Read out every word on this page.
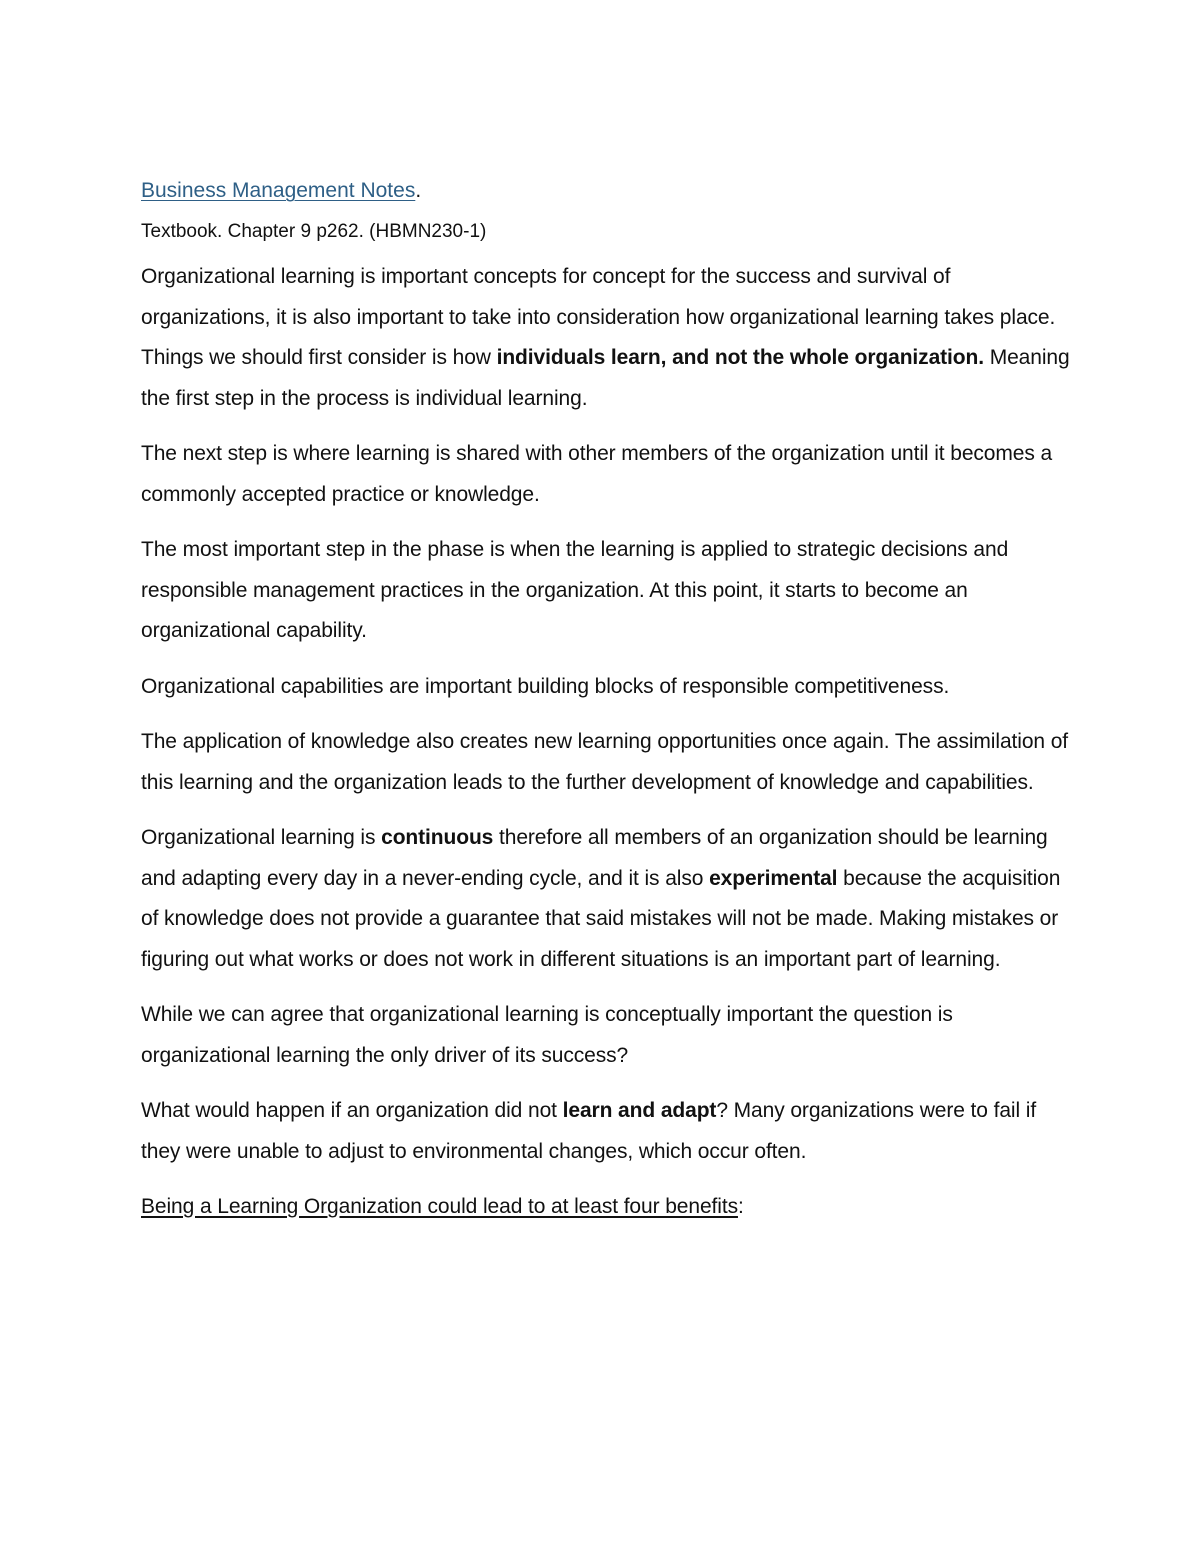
Business Management Notes.

Textbook. Chapter 9 p262. (HBMN230-1)

Organizational learning is important concepts for concept for the success and survival of organizations, it is also important to take into consideration how organizational learning takes place. Things we should first consider is how individuals learn, and not the whole organization. Meaning the first step in the process is individual learning.

The next step is where learning is shared with other members of the organization until it becomes a commonly accepted practice or knowledge.

The most important step in the phase is when the learning is applied to strategic decisions and responsible management practices in the organization. At this point, it starts to become an organizational capability.

Organizational capabilities are important building blocks of responsible competitiveness.

The application of knowledge also creates new learning opportunities once again. The assimilation of this learning and the organization leads to the further development of knowledge and capabilities.

Organizational learning is continuous therefore all members of an organization should be learning and adapting every day in a never-ending cycle, and it is also experimental because the acquisition of knowledge does not provide a guarantee that said mistakes will not be made. Making mistakes or figuring out what works or does not work in different situations is an important part of learning.

While we can agree that organizational learning is conceptually important the question is organizational learning the only driver of its success?

What would happen if an organization did not learn and adapt? Many organizations were to fail if they were unable to adjust to environmental changes, which occur often.

Being a Learning Organization could lead to at least four benefits:
